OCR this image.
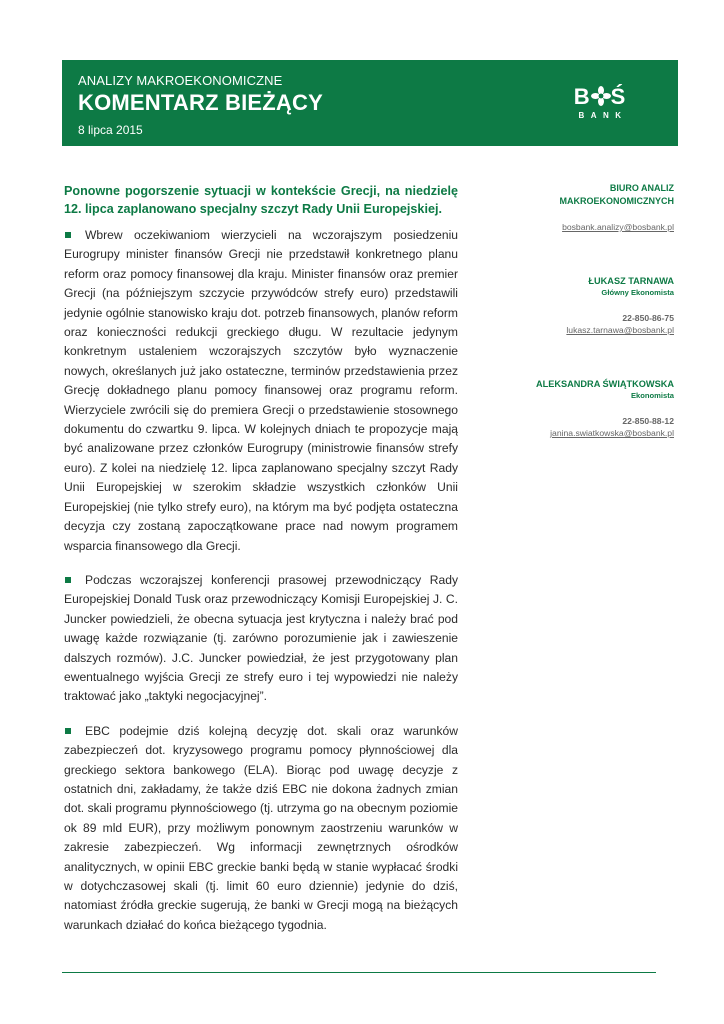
ANALIZY MAKROEKONOMICZNE
KOMENTARZ BIEŻĄCY
8 lipca 2015
B Ś
BANK

Ponowne pogorszenie sytuacji w kontekście Grecji, na niedzielę 12. lipca zaplanowano specjalny szczyt Rady Unii Europejskiej.

Wbrew oczekiwaniom wierzycieli na wczorajszym posiedzeniu Eurogrupy minister finansów Grecji nie przedstawił konkretnego planu reform oraz pomocy finansowej dla kraju. Minister finansów oraz premier Grecji (na późniejszym szczycie przywódców strefy euro) przedstawili jedynie ogólnie stanowisko kraju dot. potrzeb finansowych, planów reform oraz konieczności redukcji greckiego długu. W rezultacie jedynym konkretnym ustaleniem wczorajszych szczytów było wyznaczenie nowych, określanych już jako ostateczne, terminów przedstawienia przez Grecję dokładnego planu pomocy finansowej oraz programu reform. Wierzyciele zwrócili się do premiera Grecji o przedstawienie stosownego dokumentu do czwartku 9. lipca. W kolejnych dniach te propozycje mają być analizowane przez członków Eurogrupy (ministrowie finansów strefy euro). Z kolei na niedzielę 12. lipca zaplanowano specjalny szczyt Rady Unii Europejskiej w szerokim składzie wszystkich członków Unii Europejskiej (nie tylko strefy euro), na którym ma być podjęta ostateczna decyzja czy zostaną zapoczątkowane prace nad nowym programem wsparcia finansowego dla Grecji.

Podczas wczorajszej konferencji prasowej przewodniczący Rady Europejskiej Donald Tusk oraz przewodniczący Komisji Europejskiej J. C. Juncker powiedzieli, że obecna sytuacja jest krytyczna i należy brać pod uwagę każde rozwiązanie (tj. zarówno porozumienie jak i zawieszenie dalszych rozmów). J.C. Juncker powiedział, że jest przygotowany plan ewentualnego wyjścia Grecji ze strefy euro i tej wypowiedzi nie należy traktować jako „taktyki negocjacyjnej”.

EBC podejmie dziś kolejną decyzję dot. skali oraz warunków zabezpieczeń dot. kryzysowego programu pomocy płynnościowej dla greckiego sektora bankowego (ELA). Biorąc pod uwagę decyzje z ostatnich dni, zakładamy, że także dziś EBC nie dokona żadnych zmian dot. skali programu płynnościowego (tj. utrzyma go na obecnym poziomie ok 89 mld EUR), przy możliwym ponownym zaostrzeniu warunków w zakresie zabezpieczeń. Wg informacji zewnętrznych ośrodków analitycznych, w opinii EBC greckie banki będą w stanie wypłacać środki w dotychczasowej skali (tj. limit 60 euro dziennie) jedynie do dziś, natomiast źródła greckie sugerują, że banki w Grecji mogą na bieżących warunkach działać do końca bieżącego tygodnia.

BIURO ANALIZ
MAKROEKONOMICZNYCH
bosbank.analizy@bosbank.pl
ŁUKASZ TARNAWA
Główny Ekonomista
22-850-86-75
lukasz.tarnawa@bosbank.pl
ALEKSANDRA ŚWIĄTKOWSKA
Ekonomista
22-850-88-12
janina.swiatkowska@bosbank.pl
